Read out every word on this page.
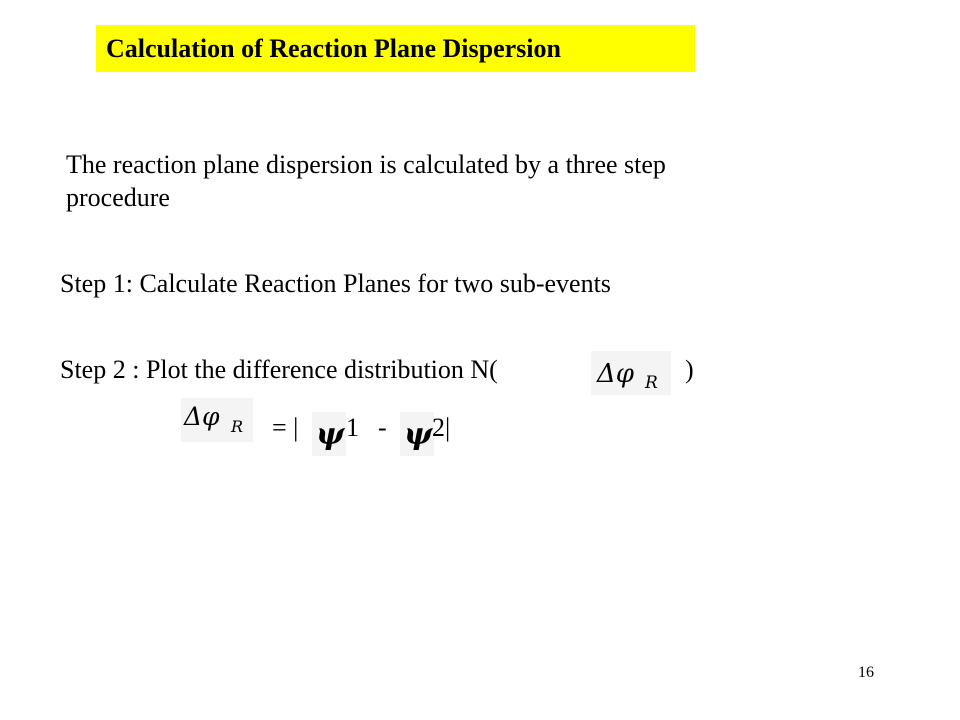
Calculation of Reaction Plane Dispersion
The reaction plane dispersion is calculated by a three step
procedure
Step 1: Calculate Reaction Planes for two sub-events
Step 2 : Plot the difference distribution N(	Δφ R )
Δφ R = | ψ 1 - ψ 2|
16
